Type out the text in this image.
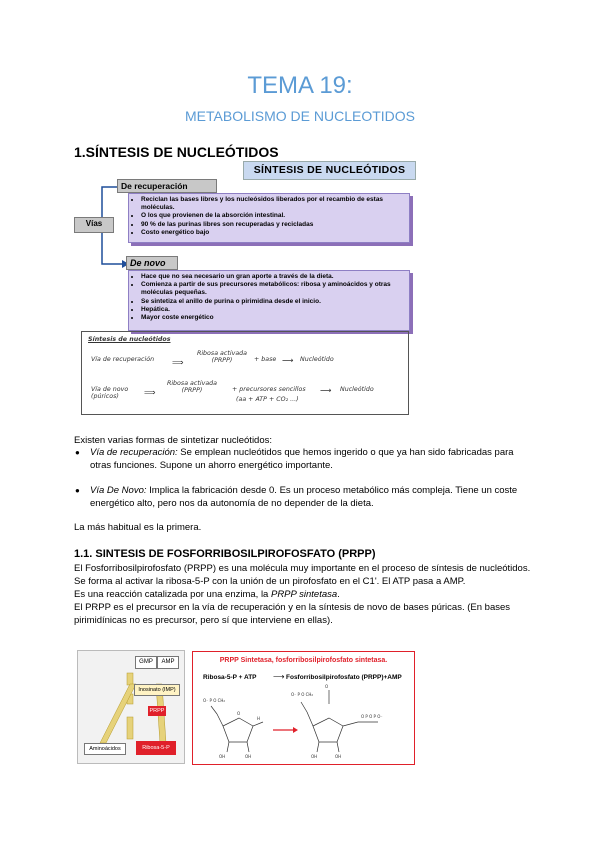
TEMA 19:
METABOLISMO DE NUCLEOTIDOS
1.SÍNTESIS DE NUCLEÓTIDOS
SÍNTESIS DE NUCLEÓTIDOS
Vías
De recuperación
• Reciclan las bases libres y los nucleósidos liberados por el recambio de estas moléculas.
• O los que provienen de la absorción intestinal.
• 90 % de las purinas libres son recuperadas y recicladas
• Costo energético bajo
De novo
• Hace que no sea necesario un gran aporte a través de la dieta.
• Comienza a partir de sus precursores metabólicos: ribosa y aminoácidos y otras moléculas pequeñas.
• Se sintetiza el anillo de purina o pirimidina desde el inicio.
• Hepática.
• Mayor coste energético
Síntesis de nucleótidos
Vía de recuperación ⟹
Ribosa activada (PRPP)	+ base ⟶ Nucleótido
Vía de novo (púricos)	⟹
Ribosa activada (PRPP)	+ precursores sencillos
(aa + ATP + CO₂ ...)
⟶ Nucleótido
Existen varias formas de sintetizar nucleótidos:
● Vía de recuperación: Se emplean nucleótidos que hemos ingerido o que ya han sido fabricadas para otras funciones. Supone un ahorro energético importante.
● Vía De Novo: Implica la fabricación desde 0. Es un proceso metabólico más compleja. Tiene un coste energético alto, pero nos da autonomía de no depender de la dieta.
La más habitual es la primera.
1.1. SINTESIS DE FOSFORRIBOSILPIROFOSFATO (PRPP)
El Fosforribosilpirofosfato (PRPP) es una molécula muy importante en el proceso de síntesis de nucleótidos.
Se forma al activar la ribosa-5-P con la unión de un pirofosfato en el C1'. El ATP pasa a AMP.
Es una reacción catalizada por una enzima, la PRPP sintetasa.
El PRPP es el precursor en la vía de recuperación y en la síntesis de novo de bases púricas. (En bases pirimidínicas no es precursor, pero sí que interviene en ellas).
GMP	AMP
Inosinato (IMP)
PRPP
Aminoácidos	Ribosa-5-P
PRPP Sintetasa, fosforribosilpirofosfato sintetasa.
Ribosa-5-P + ATP ⟶ Fosforribosilpirofosfato (PRPP)+AMP
O⁻ P O CH₂
O
OH	OH
H
O⁻ P O CH₂
O
OH	OH
O P O P O⁻
